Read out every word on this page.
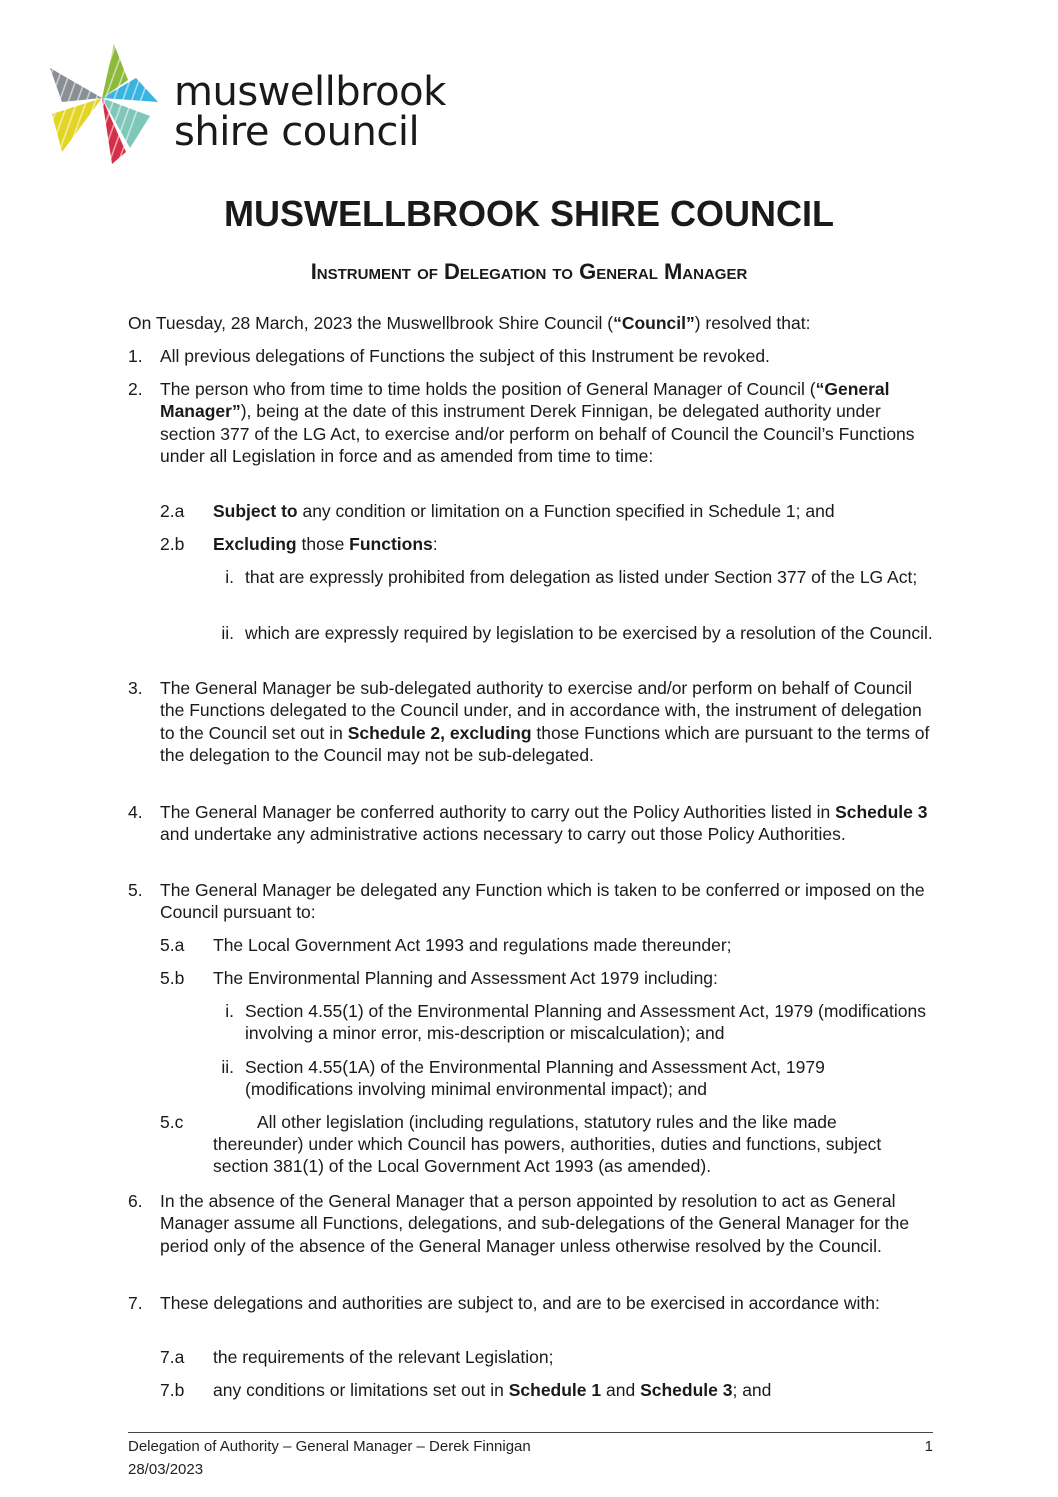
muswellbrook
shire council
MUSWELLBROOK SHIRE COUNCIL
Instrument of Delegation to General Manager
On Tuesday, 28 March, 2023 the Muswellbrook Shire Council (“Council”) resolved that:
1. All previous delegations of Functions the subject of this Instrument be revoked.
2. The person who from time to time holds the position of General Manager of Council (“General Manager”), being at the date of this instrument Derek Finnigan, be delegated authority under section 377 of the LG Act, to exercise and/or perform on behalf of Council the Council’s Functions under all Legislation in force and as amended from time to time:
2.a Subject to any condition or limitation on a Function specified in Schedule 1; and
2.b Excluding those Functions:
i. that are expressly prohibited from delegation as listed under Section 377 of the LG Act;
ii. which are expressly required by legislation to be exercised by a resolution of the Council.
3. The General Manager be sub-delegated authority to exercise and/or perform on behalf of Council the Functions delegated to the Council under, and in accordance with, the instrument of delegation to the Council set out in Schedule 2, excluding those Functions which are pursuant to the terms of the delegation to the Council may not be sub-delegated.
4. The General Manager be conferred authority to carry out the Policy Authorities listed in Schedule 3 and undertake any administrative actions necessary to carry out those Policy Authorities.
5. The General Manager be delegated any Function which is taken to be conferred or imposed on the Council pursuant to:
5.a The Local Government Act 1993 and regulations made thereunder;
5.b The Environmental Planning and Assessment Act 1979 including:
i. Section 4.55(1) of the Environmental Planning and Assessment Act, 1979 (modifications involving a minor error, mis-description or miscalculation); and
ii. Section 4.55(1A) of the Environmental Planning and Assessment Act, 1979 (modifications involving minimal environmental impact); and
5.c	All other legislation (including regulations, statutory rules and the like made
thereunder) under which Council has powers, authorities, duties and functions, subject section 381(1) of the Local Government Act 1993 (as amended).
6. In the absence of the General Manager that a person appointed by resolution to act as General Manager assume all Functions, delegations, and sub-delegations of the General Manager for the period only of the absence of the General Manager unless otherwise resolved by the Council.
7. These delegations and authorities are subject to, and are to be exercised in accordance with:
7.a the requirements of the relevant Legislation;
7.b any conditions or limitations set out in Schedule 1 and Schedule 3; and
Delegation of Authority – General Manager – Derek Finnigan
28/03/2023
1
